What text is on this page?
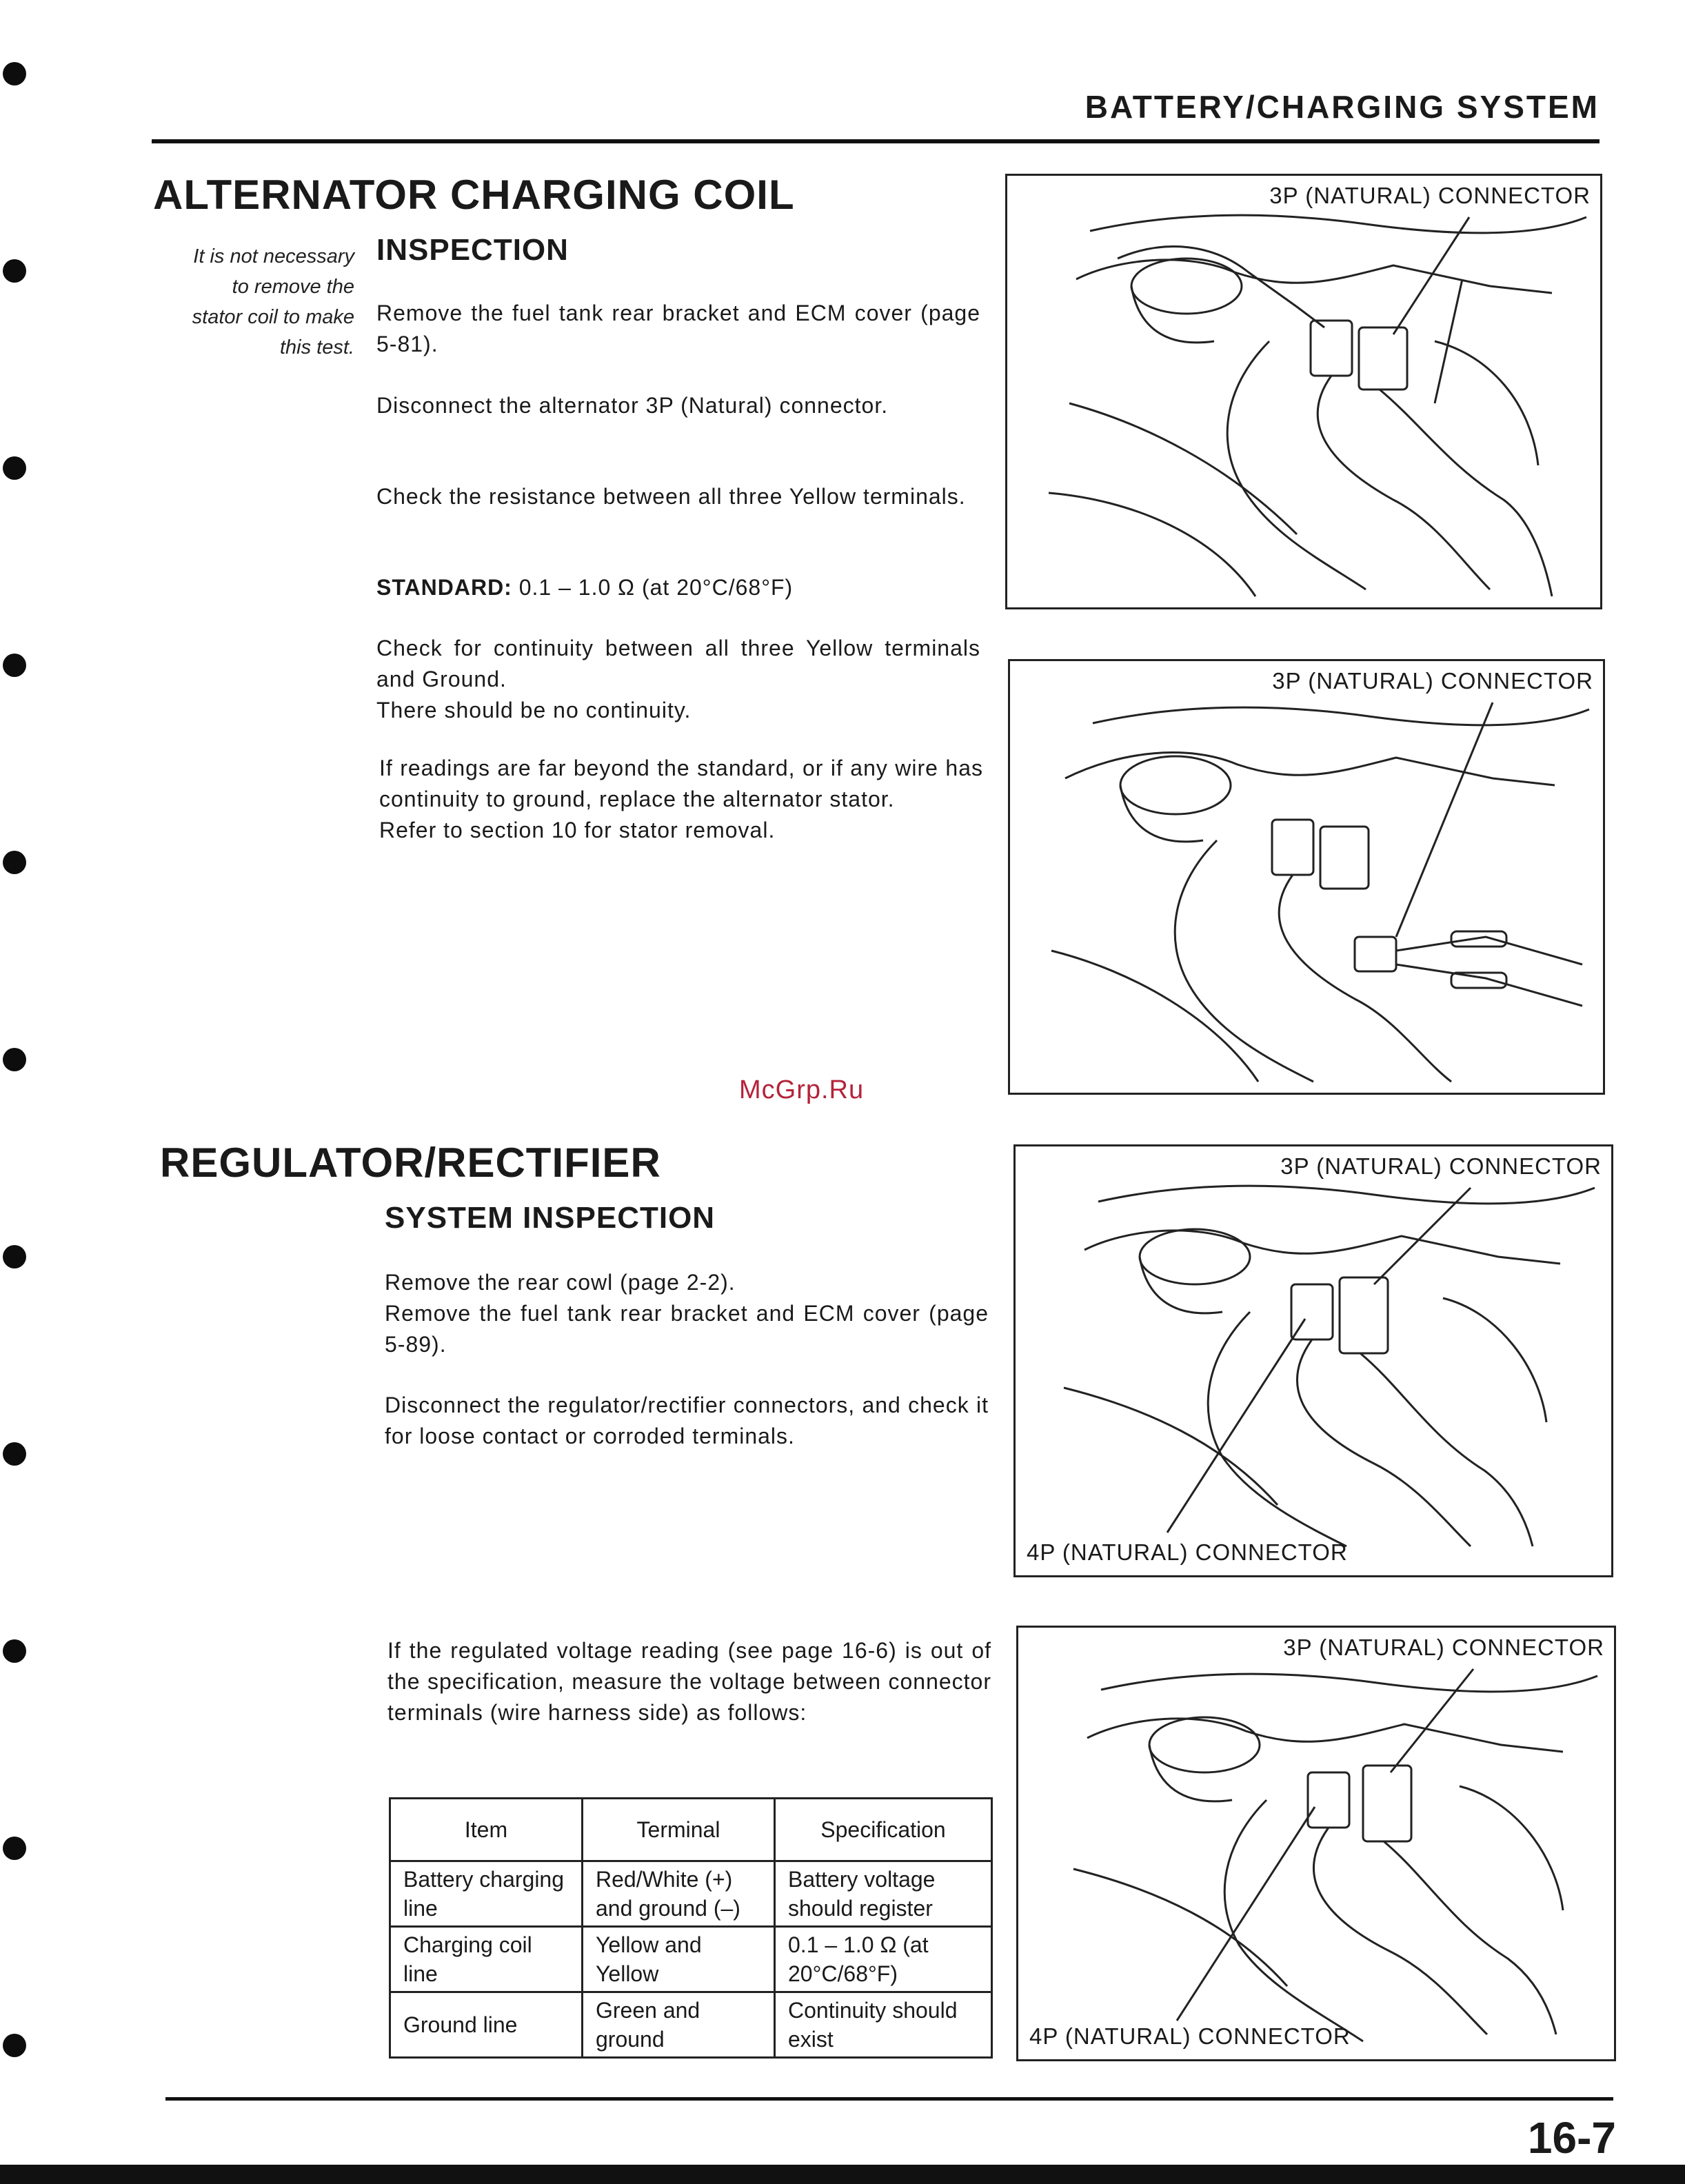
BATTERY/CHARGING SYSTEM
ALTERNATOR CHARGING COIL
INSPECTION
It is not necessary
to remove the
stator coil to make
this test.
Remove the fuel tank rear bracket and ECM cover (page 5-81).
Disconnect the alternator 3P (Natural) connector.
Check the resistance between all three Yellow terminals.
STANDARD: 0.1 – 1.0 Ω (at 20°C/68°F)

Check for continuity between all three Yellow terminals and Ground.

There should be no continuity.

If readings are far beyond the standard, or if any wire has continuity to ground, replace the alternator stator.

Refer to section 10 for stator removal.

3P (NATURAL) CONNECTOR
3P (NATURAL) CONNECTOR
McGrp.Ru
REGULATOR/RECTIFIER
SYSTEM INSPECTION

Remove the rear cowl (page 2-2).

Remove the fuel tank rear bracket and ECM cover (page 5-89).

Disconnect the regulator/rectifier connectors, and check it for loose contact or corroded terminals.
If the regulated voltage reading (see page 16-6) is out of the specification, measure the voltage between connector terminals (wire harness side) as follows:
3P (NATURAL) CONNECTOR
4P (NATURAL) CONNECTOR
3P (NATURAL) CONNECTOR
4P (NATURAL) CONNECTOR
Item	Terminal	Specification
Battery charging line	Red/White (+) and ground (–)	Battery voltage should register
Charging coil line	Yellow and Yellow	0.1 – 1.0 Ω (at 20°C/68°F)
Ground line	Green and ground	Continuity should exist
16-7
